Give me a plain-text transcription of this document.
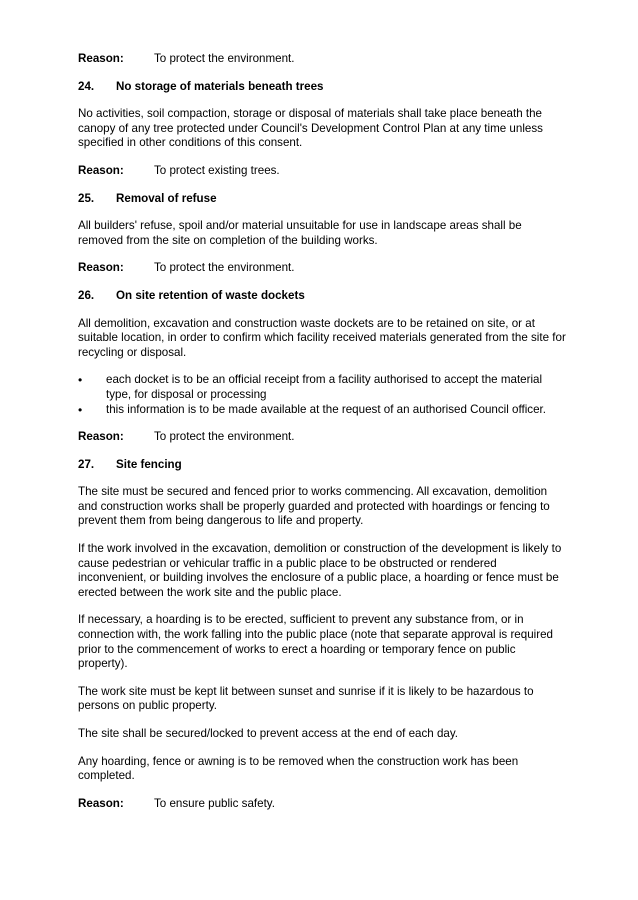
Reason:	To protect the environment.
24.	No storage of materials beneath trees

No activities, soil compaction, storage or disposal of materials shall take place beneath the canopy of any tree protected under Council's Development Control Plan at any time unless specified in other conditions of this consent.

Reason:	To protect existing trees.
25.	Removal of refuse

All builders' refuse, spoil and/or material unsuitable for use in landscape areas shall be removed from the site on completion of the building works.

Reason:	To protect the environment.
26.	On site retention of waste dockets

All demolition, excavation and construction waste dockets are to be retained on site, or at suitable location, in order to confirm which facility received materials generated from the site for recycling or disposal.

•	each docket is to be an official receipt from a facility authorised to accept the material type, for disposal or processing
•	this information is to be made available at the request of an authorised Council officer.
Reason:	To protect the environment.
27.	Site fencing

The site must be secured and fenced prior to works commencing. All excavation, demolition and construction works shall be properly guarded and protected with hoardings or fencing to prevent them from being dangerous to life and property.

If the work involved in the excavation, demolition or construction of the development is likely to cause pedestrian or vehicular traffic in a public place to be obstructed or rendered inconvenient, or building involves the enclosure of a public place, a hoarding or fence must be erected between the work site and the public place.

If necessary, a hoarding is to be erected, sufficient to prevent any substance from, or in connection with, the work falling into the public place (note that separate approval is required prior to the commencement of works to erect a hoarding or temporary fence on public property).

The work site must be kept lit between sunset and sunrise if it is likely to be hazardous to persons on public property.

The site shall be secured/locked to prevent access at the end of each day.

Any hoarding, fence or awning is to be removed when the construction work has been completed.

Reason:	To ensure public safety.
